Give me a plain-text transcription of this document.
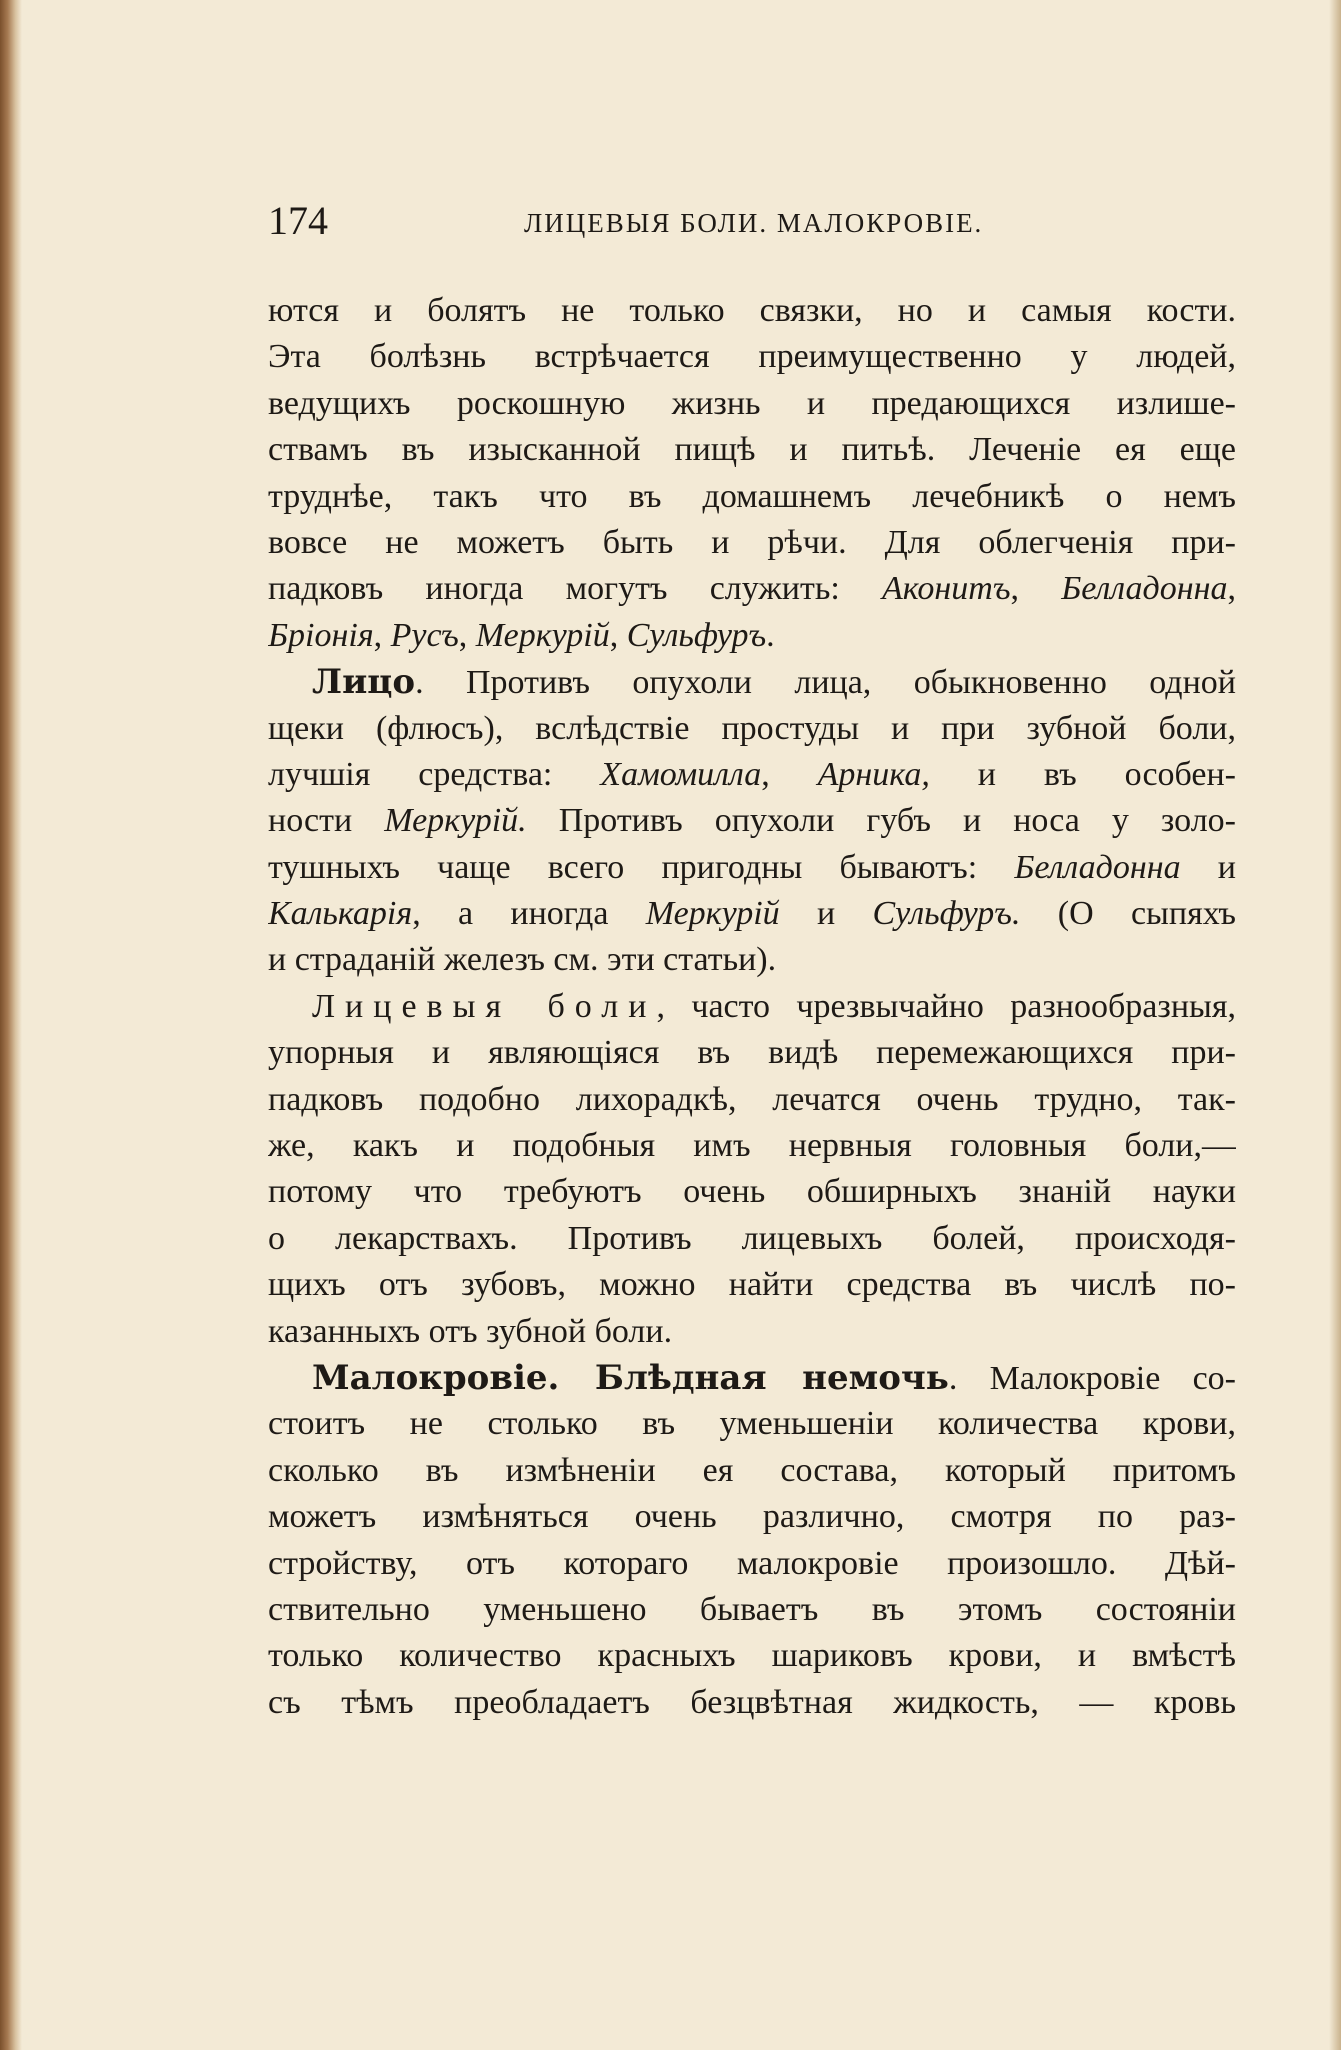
174	ЛИЦЕВЫЯ БОЛИ. МАЛОКРОВІЕ.
ются и болятъ не только связки, но и самыя кости.
Эта болѣзнь встрѣчается преимущественно у людей,
ведущихъ роскошную жизнь и предающихся излише-
ствамъ въ изысканной пищѣ и питьѣ. Леченіе ея еще
труднѣе, такъ что въ домашнемъ лечебникѣ о немъ
вовсе не можетъ быть и рѣчи. Для облегченія при-
падковъ иногда могутъ служить: Аконитъ, Белладонна,
Бріонія, Русъ, Меркурій, Сульфуръ.
Лицо. Противъ опухоли лица, обыкновенно одной
щеки (флюсъ), вслѣдствіе простуды и при зубной боли,
лучшія средства: Хамомилла, Арника, и въ особен-
ности Меркурій. Противъ опухоли губъ и носа у золо-
тушныхъ чаще всего пригодны бываютъ: Белладонна и
Калькарія, а иногда Меркурій и Сульфуръ. (О сыпяхъ
и страданій железъ см. эти статьи).
Лицевыя боли, часто чрезвычайно разнообразныя,
упорныя и являющіяся въ видѣ перемежающихся при-
падковъ подобно лихорадкѣ, лечатся очень трудно, так-
же, какъ и подобныя имъ нервныя головныя боли,—
потому что требуютъ очень обширныхъ знаній науки
о лекарствахъ. Противъ лицевыхъ болей, происходя-
щихъ отъ зубовъ, можно найти средства въ числѣ по-
казанныхъ отъ зубной боли.
Малокровіе. Блѣдная немочь. Малокровіе со-
стоитъ не столько въ уменьшеніи количества крови,
сколько въ измѣненіи ея состава, который притомъ
можетъ измѣняться очень различно, смотря по раз-
стройству, отъ котораго малокровіе произошло. Дѣй-
ствительно уменьшено бываетъ въ этомъ состояніи
только количество красныхъ шариковъ крови, и вмѣстѣ
съ тѣмъ преобладаетъ безцвѣтная жидкость, — кровь
